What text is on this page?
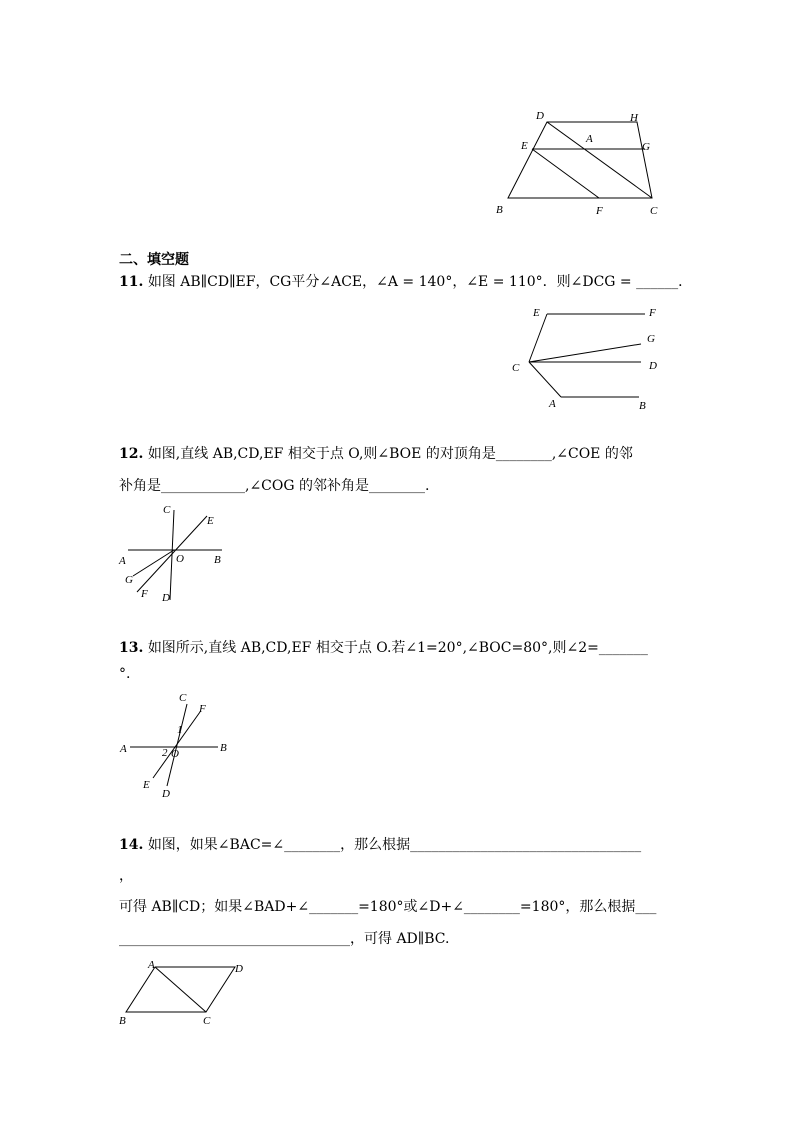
D	H
A
E	G
B	F	C
二、填空题
11. 如图 AB∥CD∥EF，CG平分∠ACE，∠A = 140°，∠E = 110°．则∠DCG = ______．
E	F
G
C	D
A	B
12. 如图,直线 AB,CD,EF 相交于点 O,则∠BOE 的对顶角是________,∠COE 的邻
补角是____________,∠COG 的邻补角是________.
C
E
A	O	B
G
F D
13. 如图所示,直线 AB,CD,EF 相交于点 O.若∠1=20°,∠BOC=80°,则∠2=_______
°.
C
F
1
A	2 O	B
E
D
14. 如图，如果∠BAC=∠________，那么根据_________________________________
，
可得 AB∥CD；如果∠BAD+∠_______=180°或∠D+∠________=180°，那么根据___
_________________________________，可得 AD∥BC.
A	D
B	C
